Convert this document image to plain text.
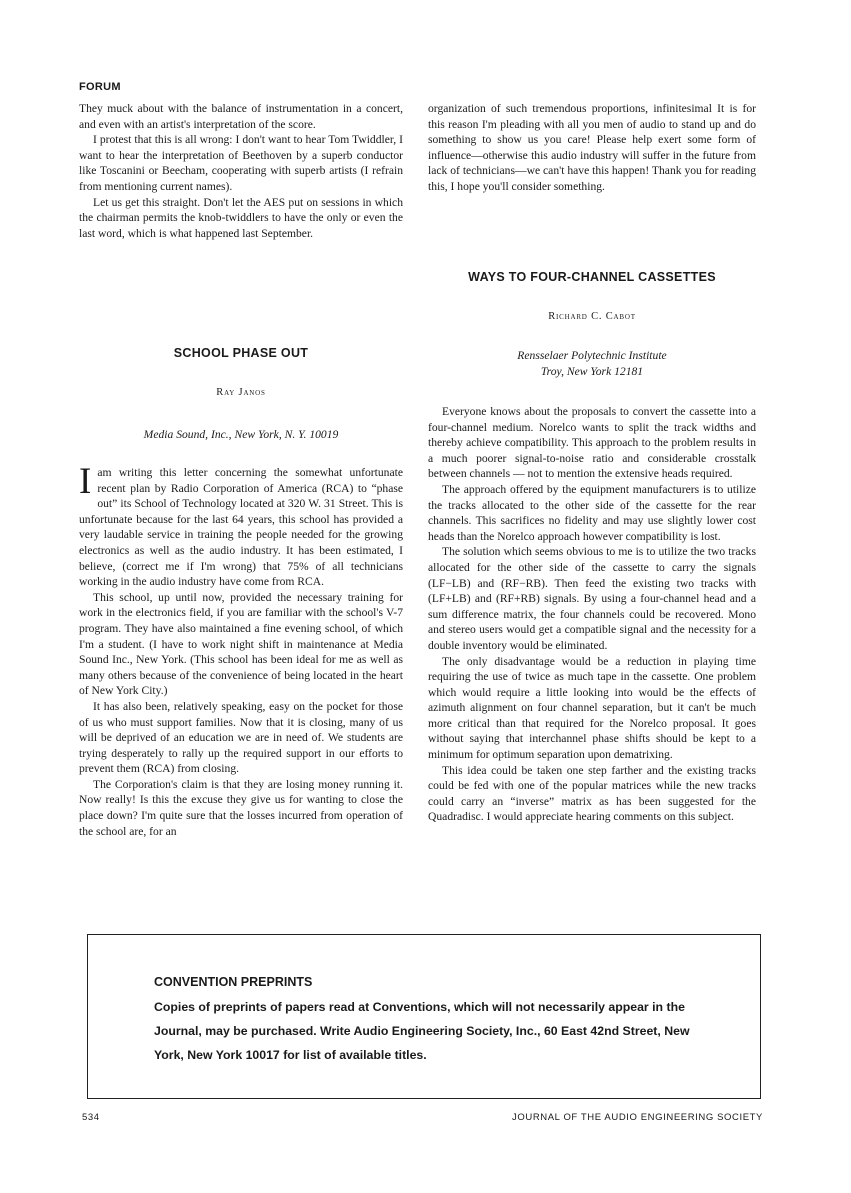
FORUM

They muck about with the balance of instrumentation in a concert, and even with an artist's interpretation of the score.

I protest that this is all wrong: I don't want to hear Tom Twiddler, I want to hear the interpretation of Beethoven by a superb conductor like Toscanini or Beecham, cooperating with superb artists (I refrain from mentioning current names).

Let us get this straight. Don't let the AES put on sessions in which the chairman permits the knob-twiddlers to have the only or even the last word, which is what happened last September.

SCHOOL PHASE OUT
Ray Janos
Media Sound, Inc., New York, N. Y. 10019

Iam writing this letter concerning the somewhat unfortunate recent plan by Radio Corporation of America (RCA) to “phase out” its School of Technology located at 320 W. 31 Street. This is unfortunate because for the last 64 years, this school has provided a very laudable service in training the people needed for the growing electronics as well as the audio industry. It has been estimated, I believe, (correct me if I'm wrong) that 75% of all technicians working in the audio industry have come from RCA.

This school, up until now, provided the necessary training for work in the electronics field, if you are familiar with the school's V-7 program. They have also maintained a fine evening school, of which I'm a student. (I have to work night shift in maintenance at Media Sound Inc., New York. (This school has been ideal for me as well as many others because of the convenience of being located in the heart of New York City.)

It has also been, relatively speaking, easy on the pocket for those of us who must support families. Now that it is closing, many of us will be deprived of an education we are in need of. We students are trying desperately to rally up the required support in our efforts to prevent them (RCA) from closing.

The Corporation's claim is that they are losing money running it. Now really! Is this the excuse they give us for wanting to close the place down? I'm quite sure that the losses incurred from operation of the school are, for an

organization of such tremendous proportions, infinitesimal It is for this reason I'm pleading with all you men of audio to stand up and do something to show us you care! Please help exert some form of influence—otherwise this audio industry will suffer in the future from lack of technicians—we can't have this happen! Thank you for reading this, I hope you'll consider something.

WAYS TO FOUR-CHANNEL CASSETTES
Richard C. Cabot
Rensselaer Polytechnic Institute
Troy, New York 12181

Everyone knows about the proposals to convert the cassette into a four-channel medium. Norelco wants to split the track widths and thereby achieve compatibility. This approach to the problem results in a much poorer signal-to-noise ratio and considerable crosstalk between channels — not to mention the extensive heads required.

The approach offered by the equipment manufacturers is to utilize the tracks allocated to the other side of the cassette for the rear channels. This sacrifices no fidelity and may use slightly lower cost heads than the Norelco approach however compatibility is lost.

The solution which seems obvious to me is to utilize the two tracks allocated for the other side of the cassette to carry the signals (LF−LB) and (RF−RB). Then feed the existing two tracks with (LF+LB) and (RF+RB) signals. By using a four-channel head and a sum difference matrix, the four channels could be recovered. Mono and stereo users would get a compatible signal and the necessity for a double inventory would be eliminated.

The only disadvantage would be a reduction in playing time requiring the use of twice as much tape in the cassette. One problem which would require a little looking into would be the effects of azimuth alignment on four channel separation, but it can't be much more critical than that required for the Norelco proposal. It goes without saying that interchannel phase shifts should be kept to a minimum for optimum separation upon dematrixing.

This idea could be taken one step farther and the existing tracks could be fed with one of the popular matrices while the new tracks could carry an “inverse” matrix as has been suggested for the Quadradisc. I would appreciate hearing comments on this subject.

CONVENTION PREPRINTS
Copies of preprints of papers read at Conventions, which will not necessarily appear in the Journal, may be purchased. Write Audio Engineering Society, Inc., 60 East 42nd Street, New York, New York 10017 for list of available titles.
534	JOURNAL OF THE AUDIO ENGINEERING SOCIETY
